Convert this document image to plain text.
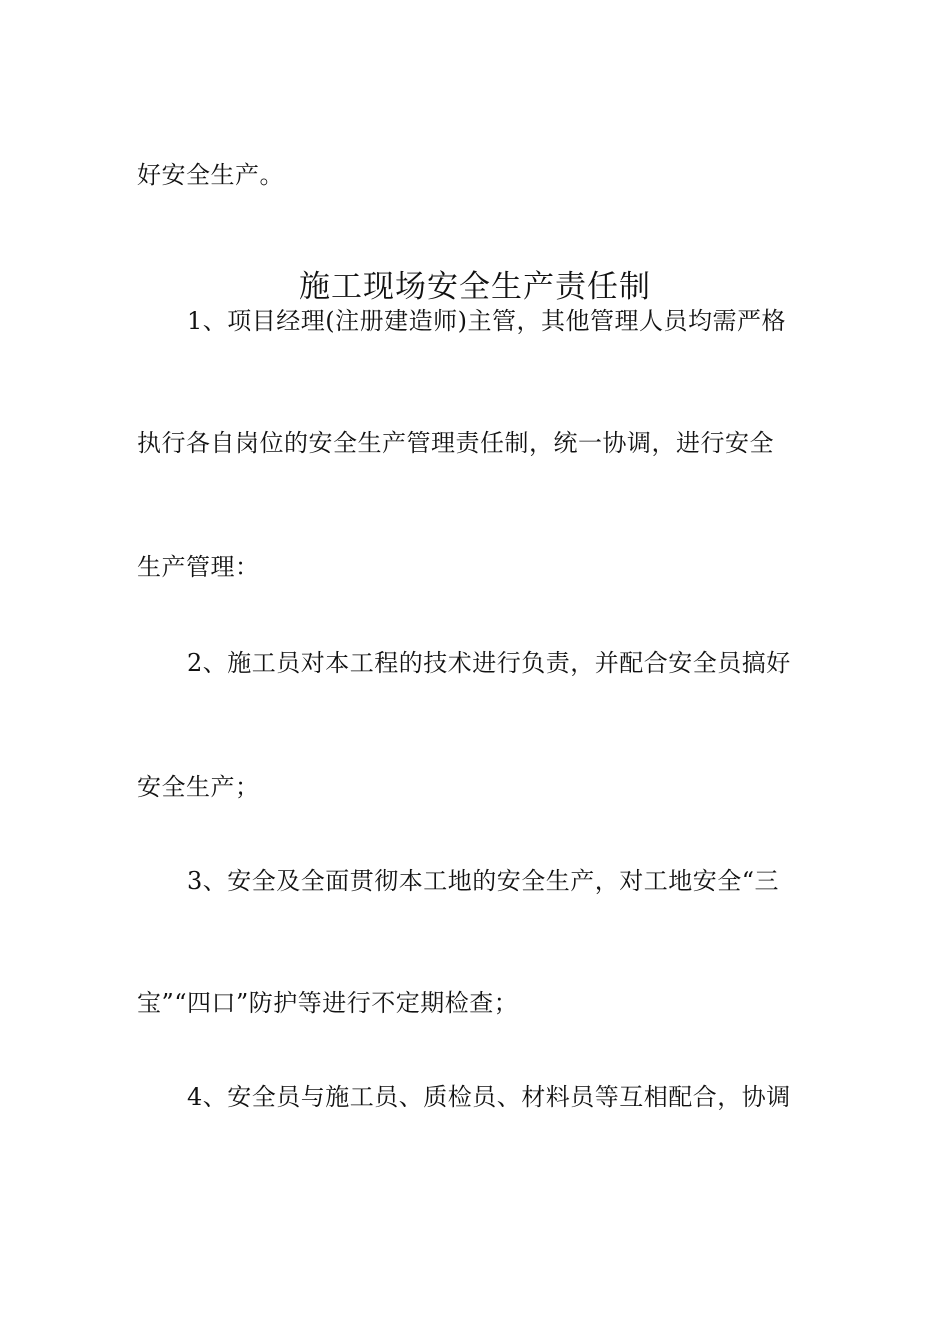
好安全生产。
施工现场安全生产责任制
1、项目经理(注册建造师)主管，其他管理人员均需严格
执行各自岗位的安全生产管理责任制，统一协调，进行安全
生产管理：
2、施工员对本工程的技术进行负责，并配合安全员搞好
安全生产；
3、安全及全面贯彻本工地的安全生产，对工地安全“三
宝”“四口”防护等进行不定期检查；
4、安全员与施工员、质检员、材料员等互相配合，协调
